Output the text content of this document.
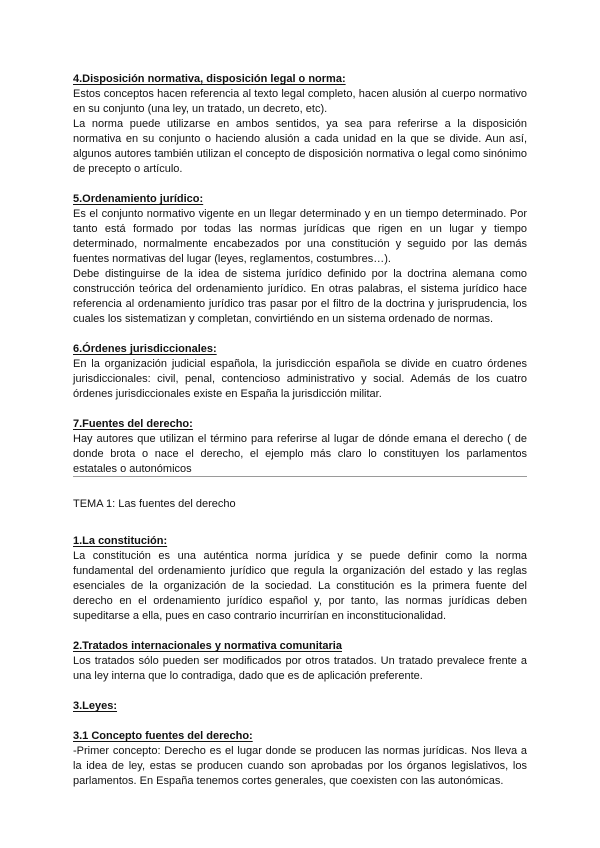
4.Disposición normativa, disposición legal o norma:

Estos conceptos hacen referencia al texto legal completo, hacen alusión al cuerpo normativo en su conjunto (una ley, un tratado, un decreto, etc).

La norma puede utilizarse en ambos sentidos, ya sea para referirse a la disposición normativa en su conjunto o haciendo alusión a cada unidad en la que se divide. Aun así, algunos autores también utilizan el concepto de disposición normativa o legal como sinónimo de precepto o artículo.

5.Ordenamiento jurídico:

Es el conjunto normativo vigente en un llegar determinado y en un tiempo determinado. Por tanto está formado por todas las normas jurídicas que rigen en un lugar y tiempo determinado, normalmente encabezados por una constitución y seguido por las demás fuentes normativas del lugar (leyes, reglamentos, costumbres…).

Debe distinguirse de la idea de sistema jurídico definido por la doctrina alemana como construcción teórica del ordenamiento jurídico. En otras palabras, el sistema jurídico hace referencia al ordenamiento jurídico tras pasar por el filtro de la doctrina y jurisprudencia, los cuales los sistematizan y completan, convirtiéndo en un sistema ordenado de normas.

6.Órdenes jurisdiccionales:

En la organización judicial española, la jurisdicción española se divide en cuatro órdenes jurisdiccionales: civil, penal, contencioso administrativo y social. Además de los cuatro órdenes jurisdiccionales existe en España la jurisdicción militar.

7.Fuentes del derecho:

Hay autores que utilizan el término para referirse al lugar de dónde emana el derecho ( de donde brota o nace el derecho, el ejemplo más claro lo constituyen los parlamentos estatales o autonómicos

TEMA 1: Las fuentes del derecho

1.La constitución:

La constitución es una auténtica norma jurídica y se puede definir como la norma fundamental del ordenamiento jurídico que regula la organización del estado y las reglas esenciales de la organización de la sociedad. La constitución es la primera fuente del derecho en el ordenamiento jurídico español y, por tanto, las normas jurídicas deben supeditarse a ella, pues en caso contrario incurrirían en inconstitucionalidad.

2.Tratados internacionales y normativa comunitaria

Los tratados sólo pueden ser modificados por otros tratados. Un tratado prevalece frente a una ley interna que lo contradiga, dado que es de aplicación preferente.

3.Leyes:

3.1 Concepto fuentes del derecho:

-Primer concepto: Derecho es el lugar donde se producen las normas jurídicas. Nos lleva a la idea de ley, estas se producen cuando son aprobadas por los órganos legislativos, los parlamentos. En España tenemos cortes generales, que coexisten con las autonómicas.
